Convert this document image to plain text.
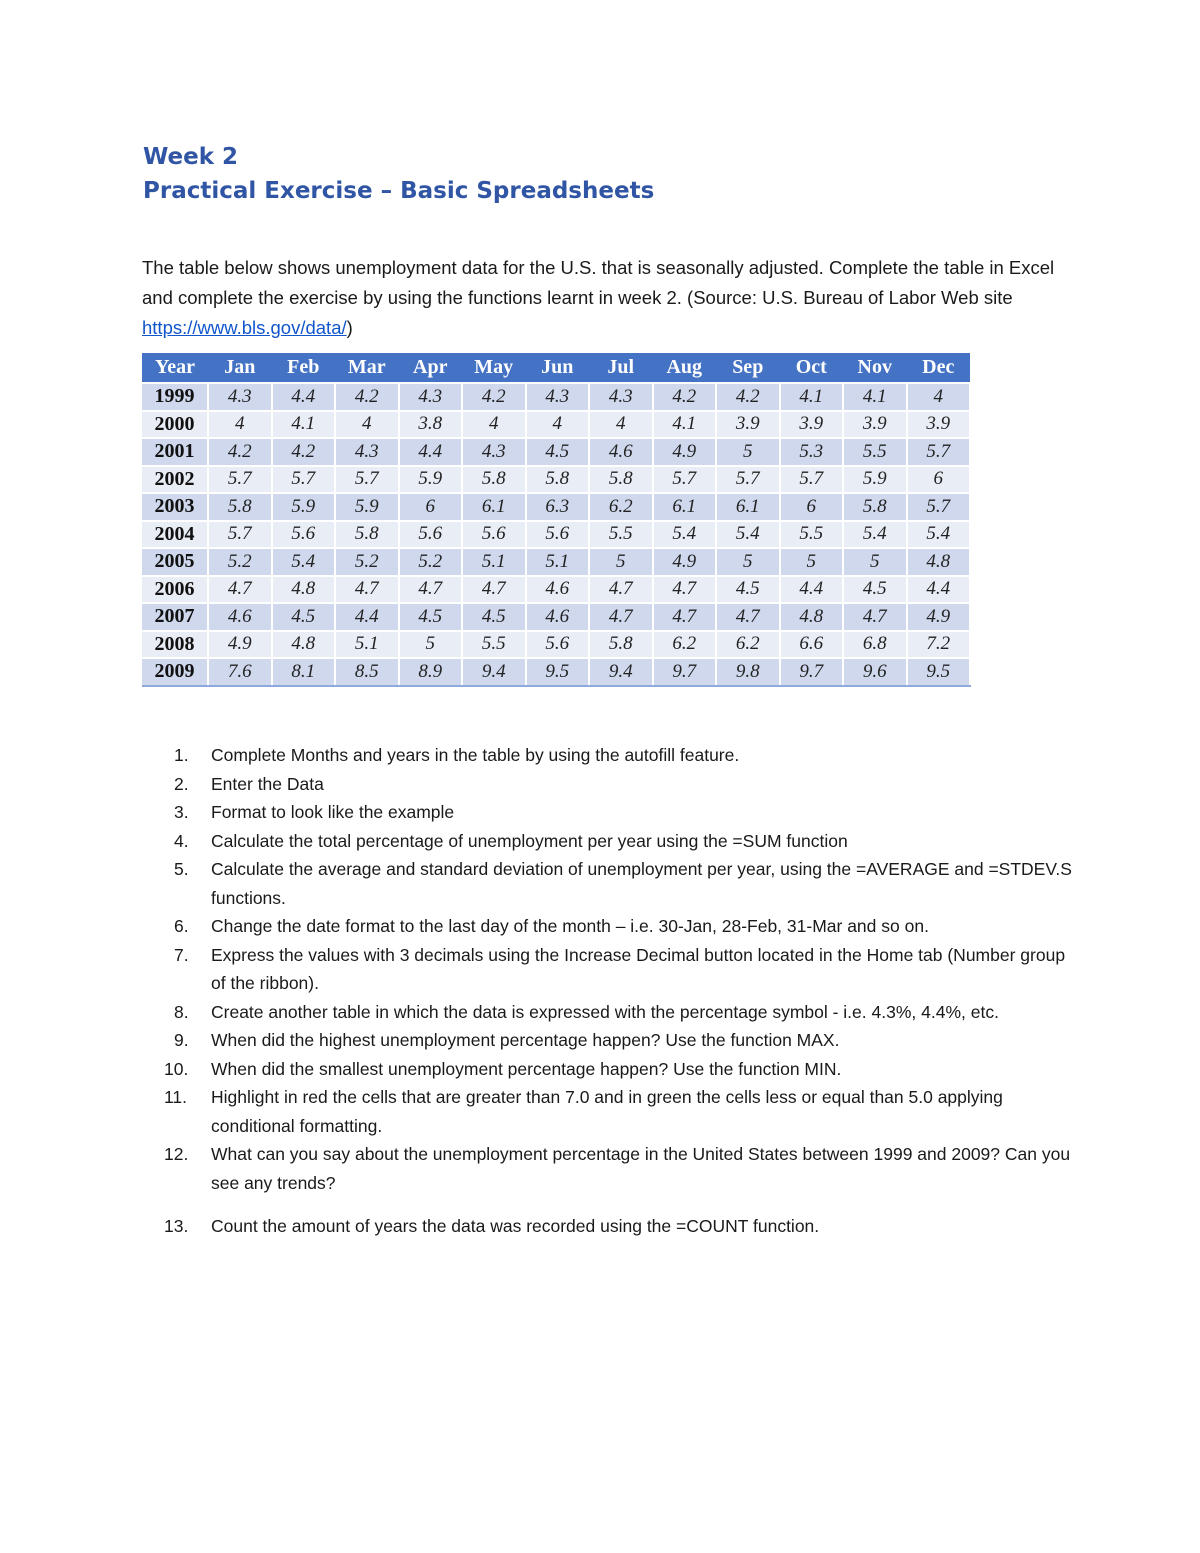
Week 2
Practical Exercise – Basic Spreadsheets

The table below shows unemployment data for the U.S. that is seasonally adjusted. Complete the table in Excel and complete the exercise by using the functions learnt in week 2. (Source: U.S. Bureau of Labor Web site https://www.bls.gov/data/)

Year	Jan	Feb	Mar	Apr	May	Jun	Jul	Aug	Sep	Oct	Nov	Dec
1999	4.3	4.4	4.2	4.3	4.2	4.3	4.3	4.2	4.2	4.1	4.1	4
2000	4	4.1	4	3.8	4	4	4	4.1	3.9	3.9	3.9	3.9
2001	4.2	4.2	4.3	4.4	4.3	4.5	4.6	4.9	5	5.3	5.5	5.7
2002	5.7	5.7	5.7	5.9	5.8	5.8	5.8	5.7	5.7	5.7	5.9	6
2003	5.8	5.9	5.9	6	6.1	6.3	6.2	6.1	6.1	6	5.8	5.7
2004	5.7	5.6	5.8	5.6	5.6	5.6	5.5	5.4	5.4	5.5	5.4	5.4
2005	5.2	5.4	5.2	5.2	5.1	5.1	5	4.9	5	5	5	4.8
2006	4.7	4.8	4.7	4.7	4.7	4.6	4.7	4.7	4.5	4.4	4.5	4.4
2007	4.6	4.5	4.4	4.5	4.5	4.6	4.7	4.7	4.7	4.8	4.7	4.9
2008	4.9	4.8	5.1	5	5.5	5.6	5.8	6.2	6.2	6.6	6.8	7.2
2009	7.6	8.1	8.5	8.9	9.4	9.5	9.4	9.7	9.8	9.7	9.6	9.5
1.	Complete Months and years in the table by using the autofill feature.
2.	Enter the Data
3.	Format to look like the example
4.	Calculate the total percentage of unemployment per year using the =SUM function
5.	Calculate the average and standard deviation of unemployment per year, using the =AVERAGE and =STDEV.S functions.
6.	Change the date format to the last day of the month – i.e. 30-Jan, 28-Feb, 31-Mar and so on.
7.	Express the values with 3 decimals using the Increase Decimal button located in the Home tab (Number group of the ribbon).
8.	Create another table in which the data is expressed with the percentage symbol - i.e. 4.3%, 4.4%, etc.
9.	When did the highest unemployment percentage happen? Use the function MAX.
10.	When did the smallest unemployment percentage happen? Use the function MIN.
11.	Highlight in red the cells that are greater than 7.0 and in green the cells less or equal than 5.0 applying conditional formatting.
12.	What can you say about the unemployment percentage in the United States between 1999 and 2009? Can you see any trends?
13.	Count the amount of years the data was recorded using the =COUNT function.
